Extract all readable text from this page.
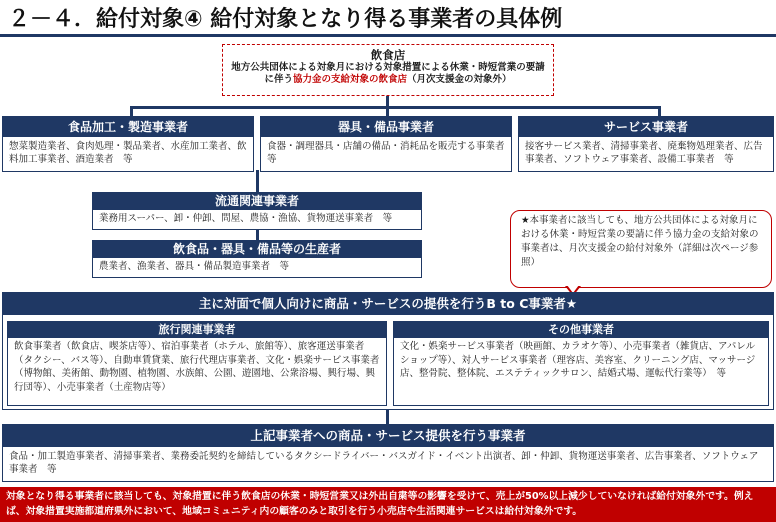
２－４．給付対象④ 給付対象となり得る事業者の具体例
飲食店
地方公共団体による対象月における対象措置による休業・時短営業の要請
に伴う協力金の支給対象の飲食店（月次支援金の対象外）
食品加工・製造事業者
惣菜製造業者、食肉処理・製品業者、水産加工業者、飲料加工事業者、酒造業者　等
器具・備品事業者
食器・調理器具・店舗の備品・消耗品を販売する事業者　等
サービス事業者
接客サービス業者、清掃事業者、廃棄物処理業者、広告事業者、ソフトウェア事業者、設備工事業者　等
流通関連事業者
業務用スーパー、卸・仲卸、問屋、農協・漁協、貨物運送事業者　等
飲食品・器具・備品等の生産者
農業者、漁業者、器具・備品製造事業者　等
★本事業者に該当しても、地方公共団体による対象月における休業・時短営業の要請に伴う協力金の支給対象の事業者は、月次支援金の給付対象外（詳細は次ページ参照）
主に対面で個人向けに商品・サービスの提供を行うB to C事業者★
旅行関連事業者
飲食事業者（飲食店、喫茶店等）、宿泊事業者（ホテル、旅館等）、旅客運送事業者（タクシー、バス等）、自動車賃貸業、旅行代理店事業者、文化・娯楽サービス事業者（博物館、美術館、動物園、植物園、水族館、公園、遊園地、公衆浴場、興行場、興行団等）、小売事業者（土産物店等）
その他事業者
文化・娯楽サービス事業者（映画館、カラオケ等）、小売事業者（雑貨店、アパレルショップ等）、対人サービス事業者（理容店、美容室、クリーニング店、マッサージ店、整骨院、整体院、エステティックサロン、結婚式場、運転代行業等）　等
上記事業者への商品・サービス提供を行う事業者
食品・加工製造事業者、清掃事業者、業務委託契約を締結しているタクシードライバー・バスガイド・イベント出演者、卸・仲卸、貨物運送事業者、広告事業者、ソフトウェア事業者　等
対象となり得る事業者に該当しても、対象措置に伴う飲食店の休業・時短営業又は外出自粛等の影響を受けて、売上が50%以上減少していなければ給付対象外です。例えば、対象措置実施都道府県外において、地域コミュニティ内の顧客のみと取引を行う小売店や生活関連サービスは給付対象外です。
